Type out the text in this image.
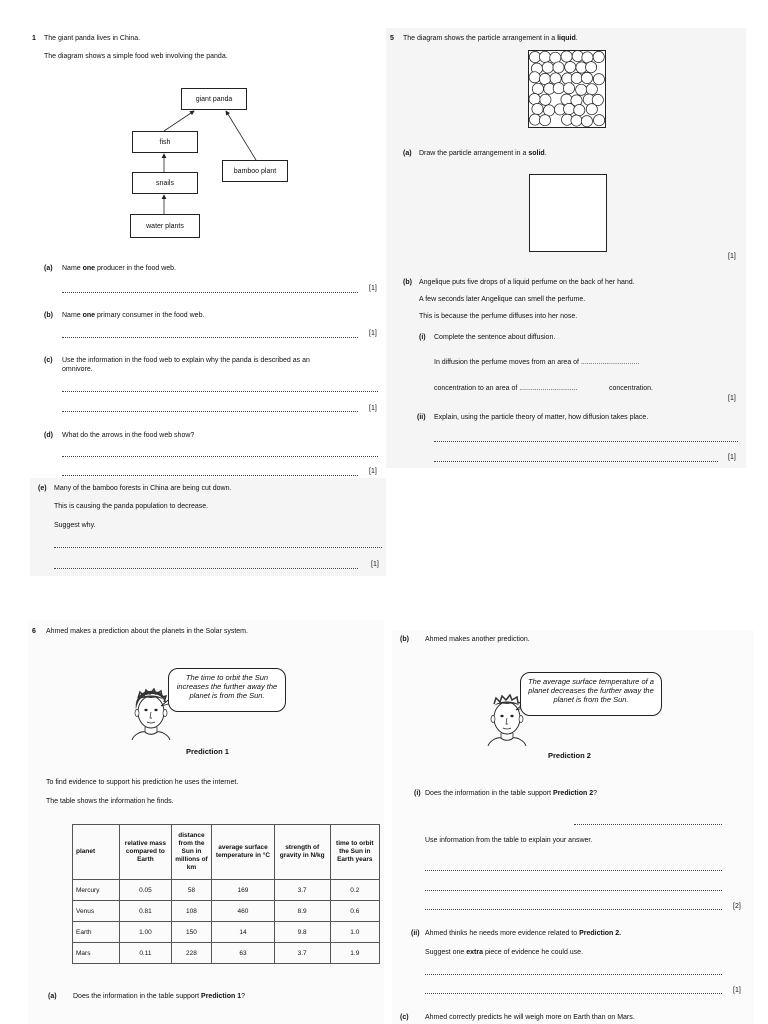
1 The giant panda lives in China.
The diagram shows a simple food web involving the panda.
giant panda
fish
bamboo plant
snails
water plants
(a) Name one producer in the food web.
[1]
(b) Name one primary consumer in the food web.
[1]
(c) Use the information in the food web to explain why the panda is described as an
omnivore.
[1]
(d) What do the arrows in the food web show?
[1]
(e) Many of the bamboo forests in China are being cut down.
This is causing the panda population to decrease.
Suggest why.
[1]
5 The diagram shows the particle arrangement in a liquid.
(a) Draw the particle arrangement in a solid.
[1]
(b) Angelique puts five drops of a liquid perfume on the back of her hand.
A few seconds later Angelique can smell the perfume.
This is because the perfume diffuses into her nose.
(i) Complete the sentence about diffusion.
In diffusion the perfume moves from an area of ..............................
concentration to an area of ..............................	concentration.
[1]
(ii) Explain, using the particle theory of matter, how diffusion takes place.
[1]
6 Ahmed makes a prediction about the planets in the Solar system.
The time to orbit the Sun increases the further away the planet is from the Sun.
Prediction 1
To find evidence to support his prediction he uses the internet.
The table shows the information he finds.
planet	relative mass compared to Earth	distance from the Sun in millions of km	average surface temperature in °C	strength of gravity in N/kg	time to orbit the Sun in Earth years
Mercury	0.05	58	169	3.7	0.2
Venus	0.81	108	460	8.9	0.6
Earth	1.00	150	14	9.8	1.0
Mars	0.11	228	63	3.7	1.9
(a) Does the information in the table support Prediction 1?
(b) Ahmed makes another prediction.
The average surface temperature of a planet decreases the further away the planet is from the Sun.
Prediction 2
(i) Does the information in the table support Prediction 2?
Use information from the table to explain your answer.
[2]
(ii) Ahmed thinks he needs more evidence related to Prediction 2.
Suggest one extra piece of evidence he could use.
[1]
(c) Ahmed correctly predicts he will weigh more on Earth than on Mars.
